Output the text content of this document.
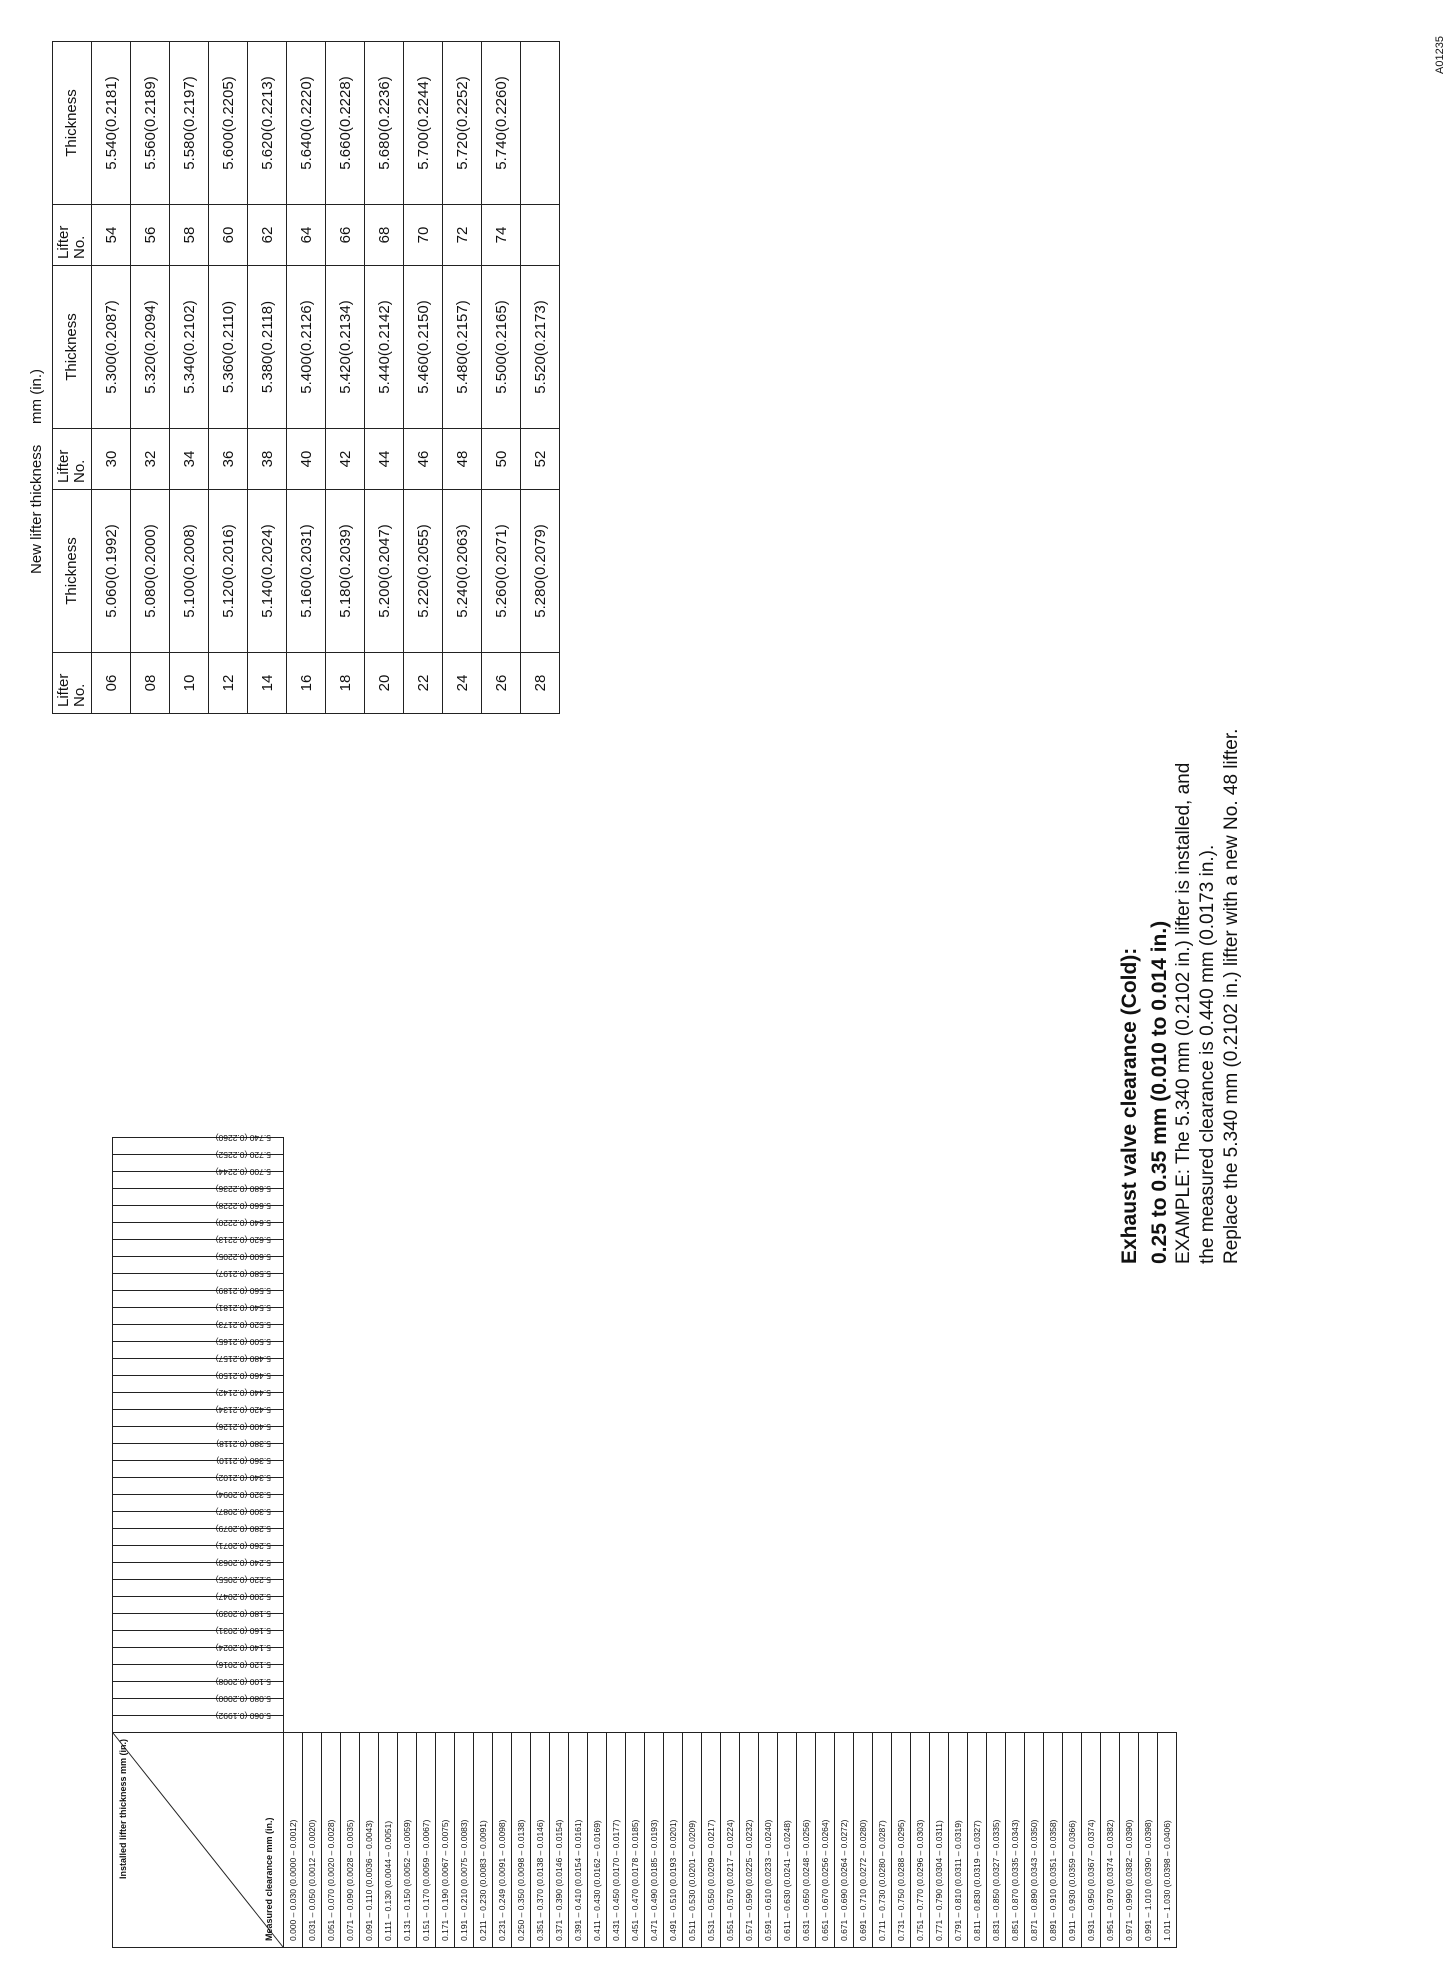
Installed lifter thickness mm (in.)
Measured clearance mm (in.)	5.060 (0.1992)	5.080 (0.2000)	5.100 (0.2008)	5.120 (0.2016)	5.140 (0.2024)	5.160 (0.2031)	5.180 (0.2039)	5.200 (0.2047)	5.220 (0.2055)	5.240 (0.2063)	5.260 (0.2071)	5.280 (0.2079)	5.300 (0.2087)	5.320 (0.2094)	5.340 (0.2102)	5.360 (0.2110)	5.380 (0.2118)	5.400 (0.2126)	5.420 (0.2134)	5.440 (0.2142)	5.460 (0.2150)	5.480 (0.2157)	5.500 (0.2165)	5.520 (0.2173)	5.540 (0.2181)	5.560 (0.2189)	5.580 (0.2197)	5.600 (0.2205)	5.620 (0.2213)	5.640 (0.2220)	5.660 (0.2228)	5.680 (0.2236)	5.700 (0.2244)	5.720 (0.2252)	5.740 (0.2260)

0.000 – 0.030 (0.0000 – 0.0012)																																			
0.031 – 0.050 (0.0012 – 0.0020)																																			
0.051 – 0.070 (0.0020 – 0.0028)																																			
0.071 – 0.090 (0.0028 – 0.0035)																																			
0.091 – 0.110 (0.0036 – 0.0043)																																			
0.111 – 0.130 (0.0044 – 0.0051)																																			
0.131 – 0.150 (0.0052 – 0.0059)																																			
0.151 – 0.170 (0.0059 – 0.0067)																																			
0.171 – 0.190 (0.0067 – 0.0075)																																			
0.191 – 0.210 (0.0075 – 0.0083)																																			
0.211 – 0.230 (0.0083 – 0.0091)																																			
0.231 – 0.249 (0.0091 – 0.0098)																																			
0.250 – 0.350 (0.0098 – 0.0138)																																			
0.351 – 0.370 (0.0138 – 0.0146)																																			
0.371 – 0.390 (0.0146 – 0.0154)																																			
0.391 – 0.410 (0.0154 – 0.0161)																																			
0.411 – 0.430 (0.0162 – 0.0169)																																			
0.431 – 0.450 (0.0170 – 0.0177)																																			
0.451 – 0.470 (0.0178 – 0.0185)																																			
0.471 – 0.490 (0.0185 – 0.0193)																																			
0.491 – 0.510 (0.0193 – 0.0201)																																			
0.511 – 0.530 (0.0201 – 0.0209)																																			
0.531 – 0.550 (0.0209 – 0.0217)																																			
0.551 – 0.570 (0.0217 – 0.0224)																																			
0.571 – 0.590 (0.0225 – 0.0232)																																			
0.591 – 0.610 (0.0233 – 0.0240)																																			
0.611 – 0.630 (0.0241 – 0.0248)																																			
0.631 – 0.650 (0.0248 – 0.0256)																																			
0.651 – 0.670 (0.0256 – 0.0264)																																			
0.671 – 0.690 (0.0264 – 0.0272)																																			
0.691 – 0.710 (0.0272 – 0.0280)																																			
0.711 – 0.730 (0.0280 – 0.0287)																																			
0.731 – 0.750 (0.0288 – 0.0295)																																			
0.751 – 0.770 (0.0296 – 0.0303)																																			
0.771 – 0.790 (0.0304 – 0.0311)																																			
0.791 – 0.810 (0.0311 – 0.0319)																																			
0.811 – 0.830 (0.0319 – 0.0327)																																			
0.831 – 0.850 (0.0327 – 0.0335)																																			
0.851 – 0.870 (0.0335 – 0.0343)																																			
0.871 – 0.890 (0.0343 – 0.0350)																																			
0.891 – 0.910 (0.0351 – 0.0358)																																			
0.911 – 0.930 (0.0359 – 0.0366)																																			
0.931 – 0.950 (0.0367 – 0.0374)																																			
0.951 – 0.970 (0.0374 – 0.0382)																																			
0.971 – 0.990 (0.0382 – 0.0390)																																			
0.991 – 1.010 (0.0390 – 0.0398)																																			
1.011 – 1.030 (0.0398 – 0.0406)																																			
New lifter thickness     mm (in.)
Lifter No.	Thickness	Lifter No.	Thickness	Lifter No.	Thickness
06	5.060(0.1992)	30	5.300(0.2087)	54	5.540(0.2181)
08	5.080(0.2000)	32	5.320(0.2094)	56	5.560(0.2189)
10	5.100(0.2008)	34	5.340(0.2102)	58	5.580(0.2197)
12	5.120(0.2016)	36	5.360(0.2110)	60	5.600(0.2205)
14	5.140(0.2024)	38	5.380(0.2118)	62	5.620(0.2213)
16	5.160(0.2031)	40	5.400(0.2126)	64	5.640(0.2220)
18	5.180(0.2039)	42	5.420(0.2134)	66	5.660(0.2228)
20	5.200(0.2047)	44	5.440(0.2142)	68	5.680(0.2236)
22	5.220(0.2055)	46	5.460(0.2150)	70	5.700(0.2244)
24	5.240(0.2063)	48	5.480(0.2157)	72	5.720(0.2252)
26	5.260(0.2071)	50	5.500(0.2165)	74	5.740(0.2260)
28	5.280(0.2079)	52	5.520(0.2173)		

Exhaust valve clearance (Cold): 0.25 to 0.35 mm (0.010 to 0.014 in.) EXAMPLE: The 5.340 mm (0.2102 in.) lifter is installed, and the measured clearance is 0.440 mm (0.0173 in.). Replace the 5.340 mm (0.2102 in.) lifter with a new No. 48 lifter.

A01235
